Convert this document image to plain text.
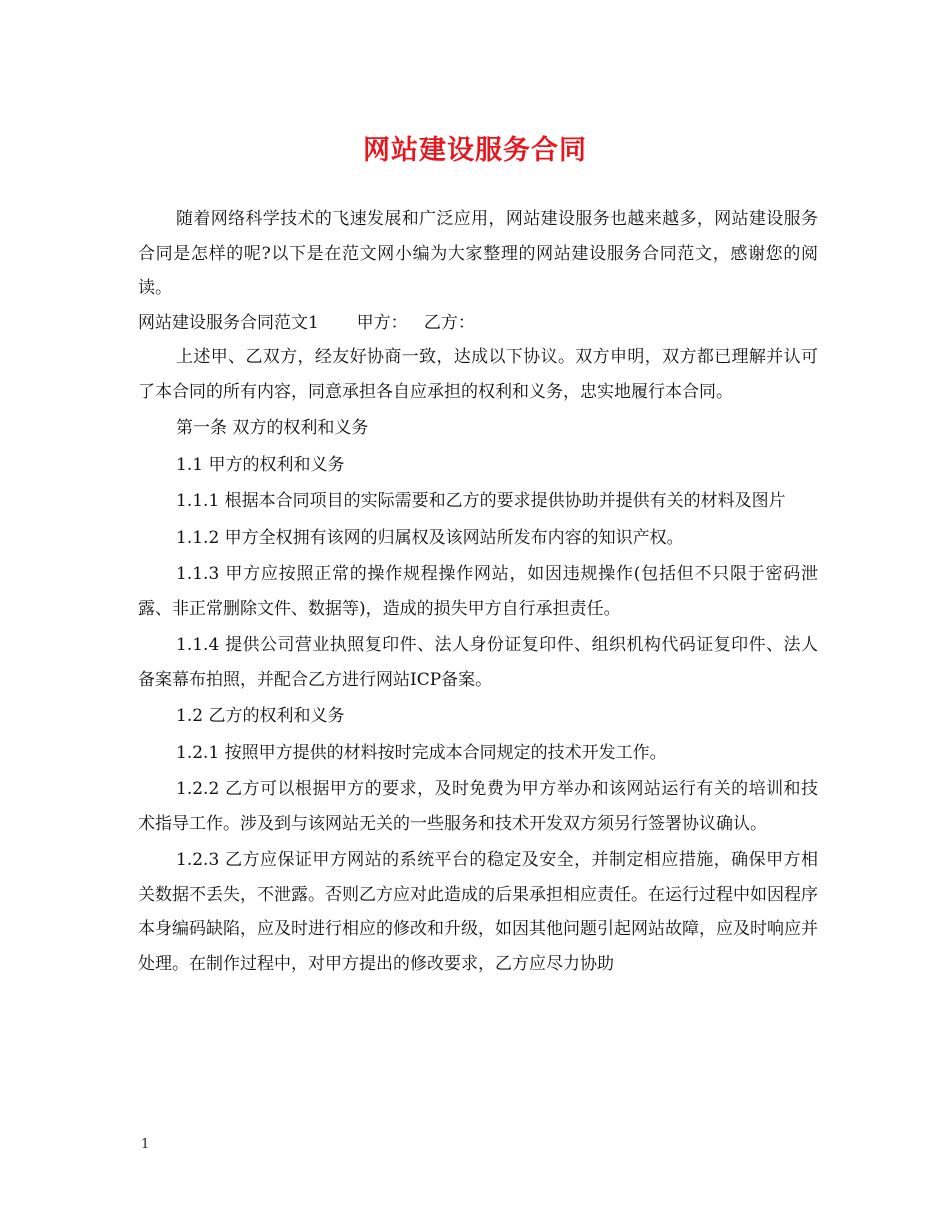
网站建设服务合同

随着网络科学技术的飞速发展和广泛应用，网站建设服务也越来越多，网站建设服务合同是怎样的呢?以下是在范文网小编为大家整理的网站建设服务合同范文，感谢您的阅读。

网站建设服务合同范文1 甲方： 乙方：

上述甲、乙双方，经友好协商一致，达成以下协议。双方申明，双方都已理解并认可了本合同的所有内容，同意承担各自应承担的权利和义务，忠实地履行本合同。

第一条 双方的权利和义务

1.1 甲方的权利和义务

1.1.1 根据本合同项目的实际需要和乙方的要求提供协助并提供有关的材料及图片

1.1.2 甲方全权拥有该网的归属权及该网站所发布内容的知识产权。

1.1.3 甲方应按照正常的操作规程操作网站，如因违规操作(包括但不只限于密码泄露、非正常删除文件、数据等)，造成的损失甲方自行承担责任。

1.1.4 提供公司营业执照复印件、法人身份证复印件、组织机构代码证复印件、法人备案幕布拍照，并配合乙方进行网站ICP备案。

1.2 乙方的权利和义务

1.2.1 按照甲方提供的材料按时完成本合同规定的技术开发工作。

1.2.2 乙方可以根据甲方的要求，及时免费为甲方举办和该网站运行有关的培训和技术指导工作。涉及到与该网站无关的一些服务和技术开发双方须另行签署协议确认。

1.2.3 乙方应保证甲方网站的系统平台的稳定及安全，并制定相应措施，确保甲方相关数据不丢失，不泄露。否则乙方应对此造成的后果承担相应责任。在运行过程中如因程序本身编码缺陷，应及时进行相应的修改和升级，如因其他问题引起网站故障，应及时响应并处理。在制作过程中，对甲方提出的修改要求，乙方应尽力协助

1
